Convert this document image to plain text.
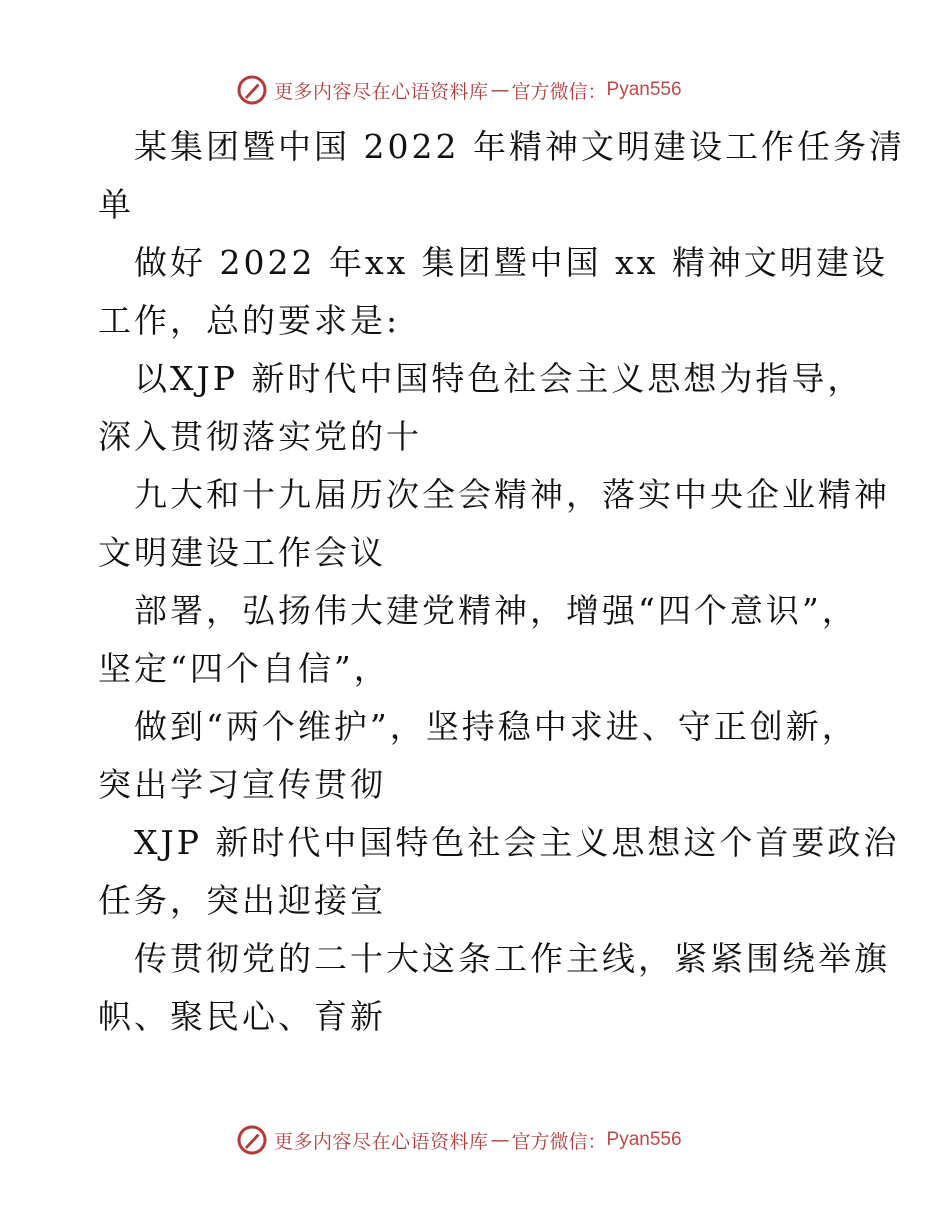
更多内容尽在心语资料库 — 官方微信： Pyan556

某集团暨中国 2022 年精神文明建设工作任务清
单

做好 2022 年xx 集团暨中国 xx 精神文明建设
工作，总的要求是:

以XJP 新时代中国特色社会主义思想为指导，
深入贯彻落实党的十

九大和十九届历次全会精神，落实中央企业精神
文明建设工作会议

部署，弘扬伟大建党精神，增强“四个意识”，
坚定“四个自信”，

做到“两个维护”，坚持稳中求进、守正创新，
突出学习宣传贯彻

XJP 新时代中国特色社会主义思想这个首要政治
任务，突出迎接宣

传贯彻党的二十大这条工作主线，紧紧围绕举旗
帜、聚民心、育新

更多内容尽在心语资料库 — 官方微信： Pyan556
